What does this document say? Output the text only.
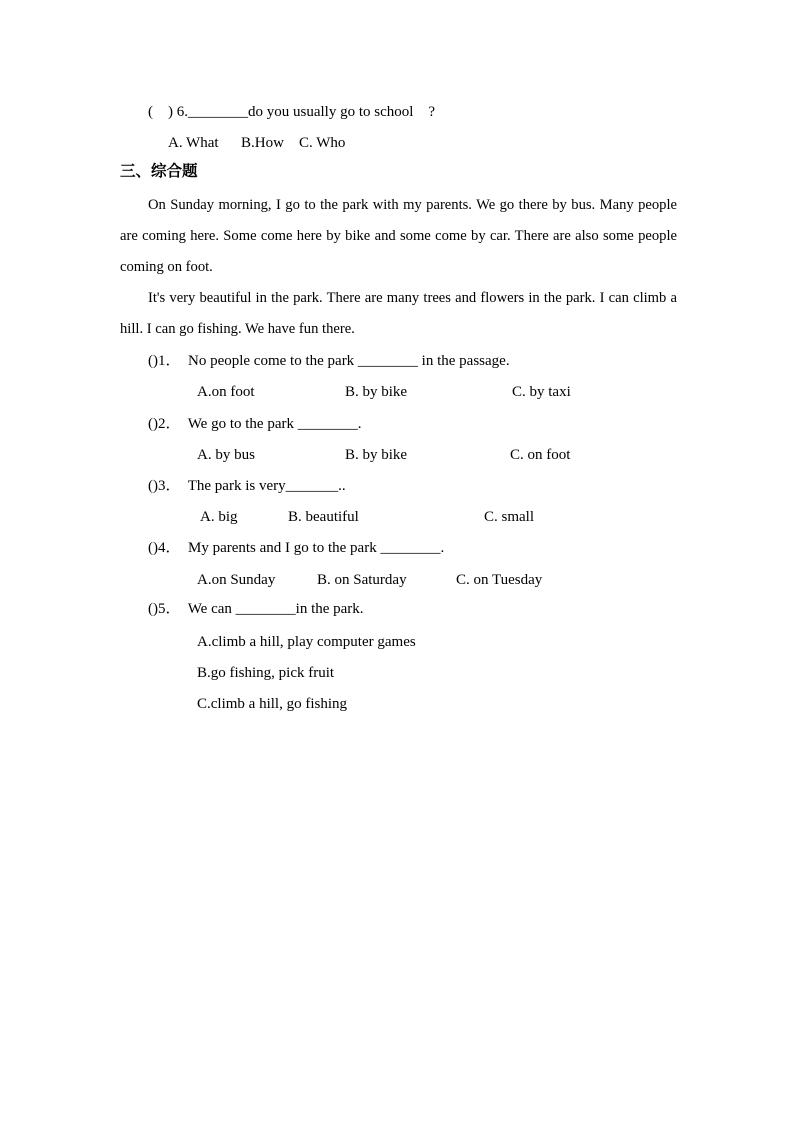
(　) 6.________do you usually go to school　?
A. What      B.How    C. Who
三、综合题
On Sunday morning, I go to the park with my parents. We go there by bus. Many people are coming here. Some come here by bike and some come by car. There are also some people coming on foot.
It's very beautiful in the park. There are many trees and flowers in the park. I can climb a hill. I can go fishing. We have fun there.
()1．  No people come to the park ________ in the passage.
A.on foot	B. by bike	C. by taxi
()2．  We go to the park ________.
A. by bus	B. by bike	C. on foot
()3．  The park is very_______..
A. big	B. beautiful	C. small
()4．  My parents and I go to the park ________.
A.on Sunday	B. on Saturday	C. on Tuesday
()5．  We can ________in the park.
A.climb a hill, play computer games
B.go fishing, pick fruit
C.climb a hill, go fishing
